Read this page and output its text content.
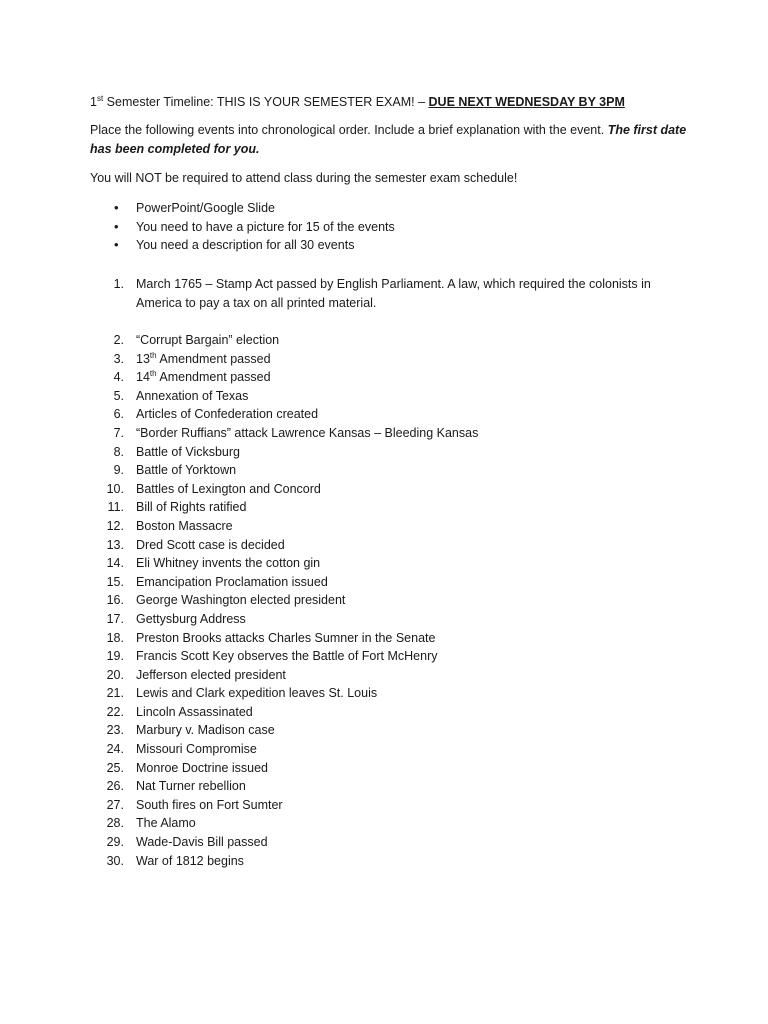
1st Semester Timeline: THIS IS YOUR SEMESTER EXAM! – DUE NEXT WEDNESDAY BY 3PM
Place the following events into chronological order. Include a brief explanation with the event. The first date has been completed for you.
You will NOT be required to attend class during the semester exam schedule!
• PowerPoint/Google Slide
• You need to have a picture for 15 of the events
• You need a description for all 30 events
1. March 1765 – Stamp Act passed by English Parliament. A law, which required the colonists in America to pay a tax on all printed material.
2. “Corrupt Bargain” election
3. 13th Amendment passed
4. 14th Amendment passed
5. Annexation of Texas
6. Articles of Confederation created
7. “Border Ruffians” attack Lawrence Kansas – Bleeding Kansas
8. Battle of Vicksburg
9. Battle of Yorktown
10. Battles of Lexington and Concord
11. Bill of Rights ratified
12. Boston Massacre
13. Dred Scott case is decided
14. Eli Whitney invents the cotton gin
15. Emancipation Proclamation issued
16. George Washington elected president
17. Gettysburg Address
18. Preston Brooks attacks Charles Sumner in the Senate
19. Francis Scott Key observes the Battle of Fort McHenry
20. Jefferson elected president
21. Lewis and Clark expedition leaves St. Louis
22. Lincoln Assassinated
23. Marbury v. Madison case
24. Missouri Compromise
25. Monroe Doctrine issued
26. Nat Turner rebellion
27. South fires on Fort Sumter
28. The Alamo
29. Wade-Davis Bill passed
30. War of 1812 begins
